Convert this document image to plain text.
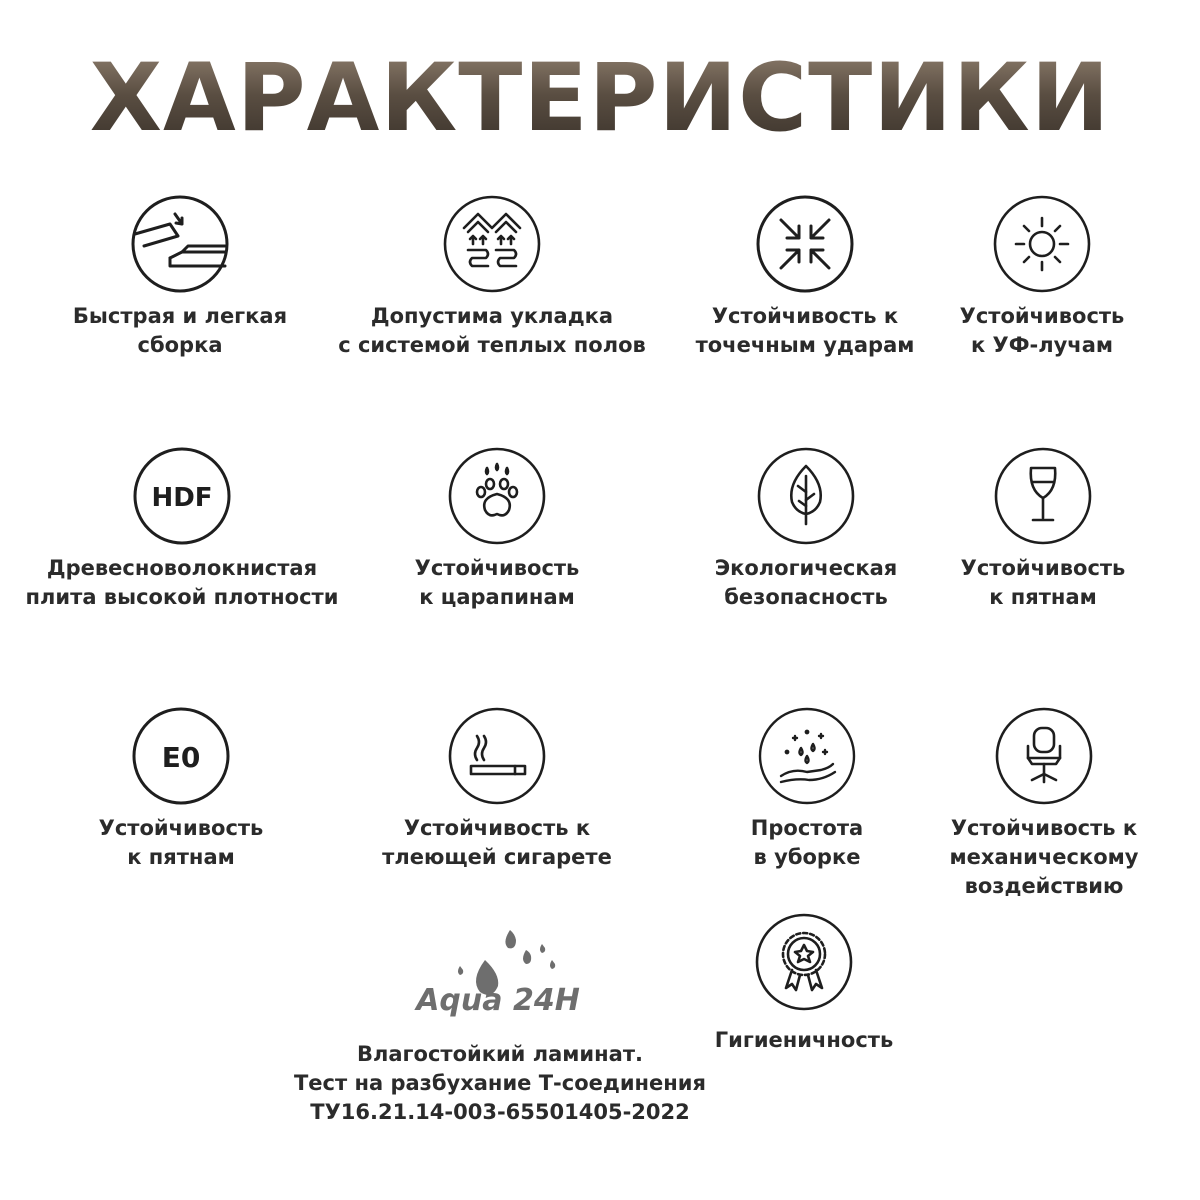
ХАРАКТЕРИСТИКИ
Быстрая и легкая
сборка
Допустима укладка
с системой теплых полов
Устойчивость к
точечным ударам
Устойчивость
к УФ-лучам
HDF
Древесноволокнистая
плита высокой плотности
Устойчивость
к царапинам
Экологическая
безопасность
Устойчивость
к пятнам
E0
Устойчивость
к пятнам
Устойчивость к
тлеющей сигарете
Простота
в уборке
Устойчивость к
механическому
воздействию
Гигиеничность
Aqua 24H
Влагостойкий ламинат.
Тест на разбухание Т-соединения
ТУ16.21.14-003-65501405-2022
